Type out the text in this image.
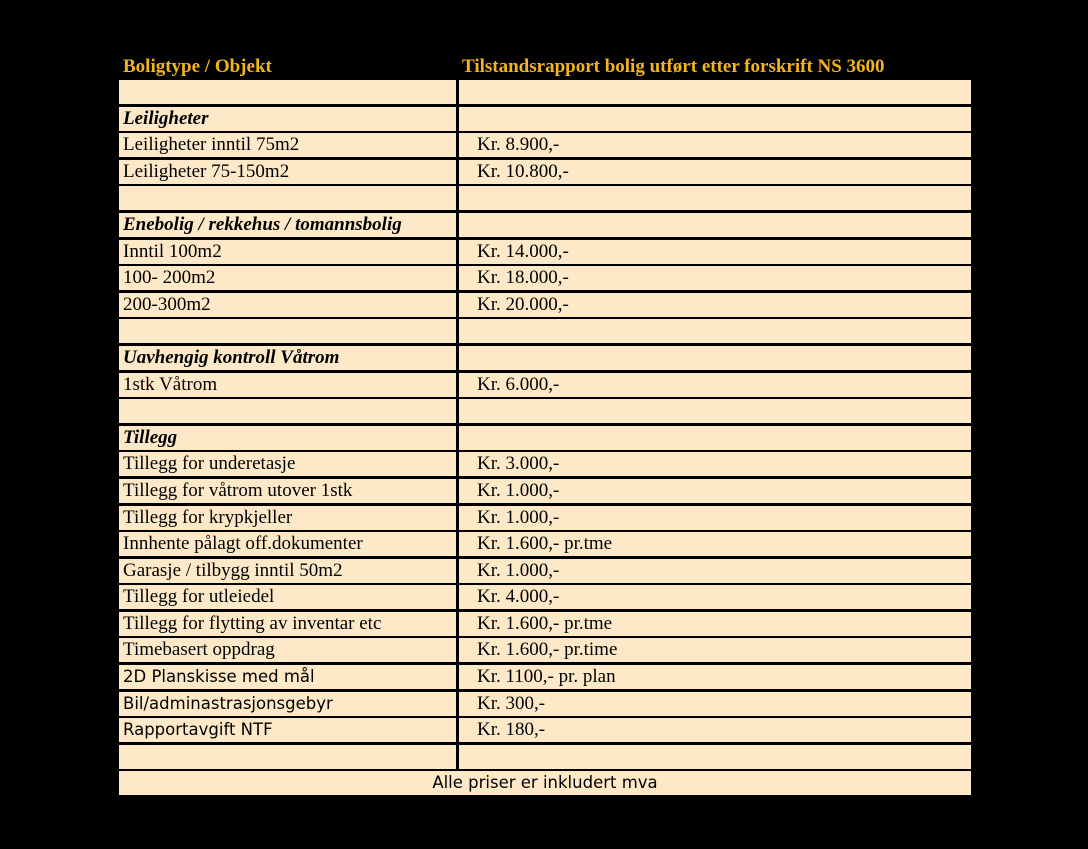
Boligtype / Objekt	Tilstandsrapport bolig utført etter forskrift NS 3600
Leiligheter
Leiligheter inntil 75m2	Kr. 8.900,-
Leiligheter 75-150m2	Kr. 10.800,-
Enebolig / rekkehus / tomannsbolig
Inntil 100m2	Kr. 14.000,-
100- 200m2	Kr. 18.000,-
200-300m2	Kr. 20.000,-
Uavhengig kontroll Våtrom
1stk Våtrom	Kr. 6.000,-
Tillegg
Tillegg for underetasje	Kr. 3.000,-
Tillegg for våtrom utover 1stk	Kr. 1.000,-
Tillegg for krypkjeller	Kr. 1.000,-
Innhente pålagt off.dokumenter	Kr. 1.600,- pr.tme
Garasje / tilbygg inntil 50m2	Kr. 1.000,-
Tillegg for utleiedel	Kr. 4.000,-
Tillegg for flytting av inventar etc	Kr. 1.600,- pr.tme
Timebasert oppdrag	Kr. 1.600,- pr.time
2D Planskisse med mål	Kr. 1100,- pr. plan
Bil/adminastrasjonsgebyr	Kr. 300,-
Rapportavgift NTF	Kr. 180,-
Alle priser er inkludert mva
